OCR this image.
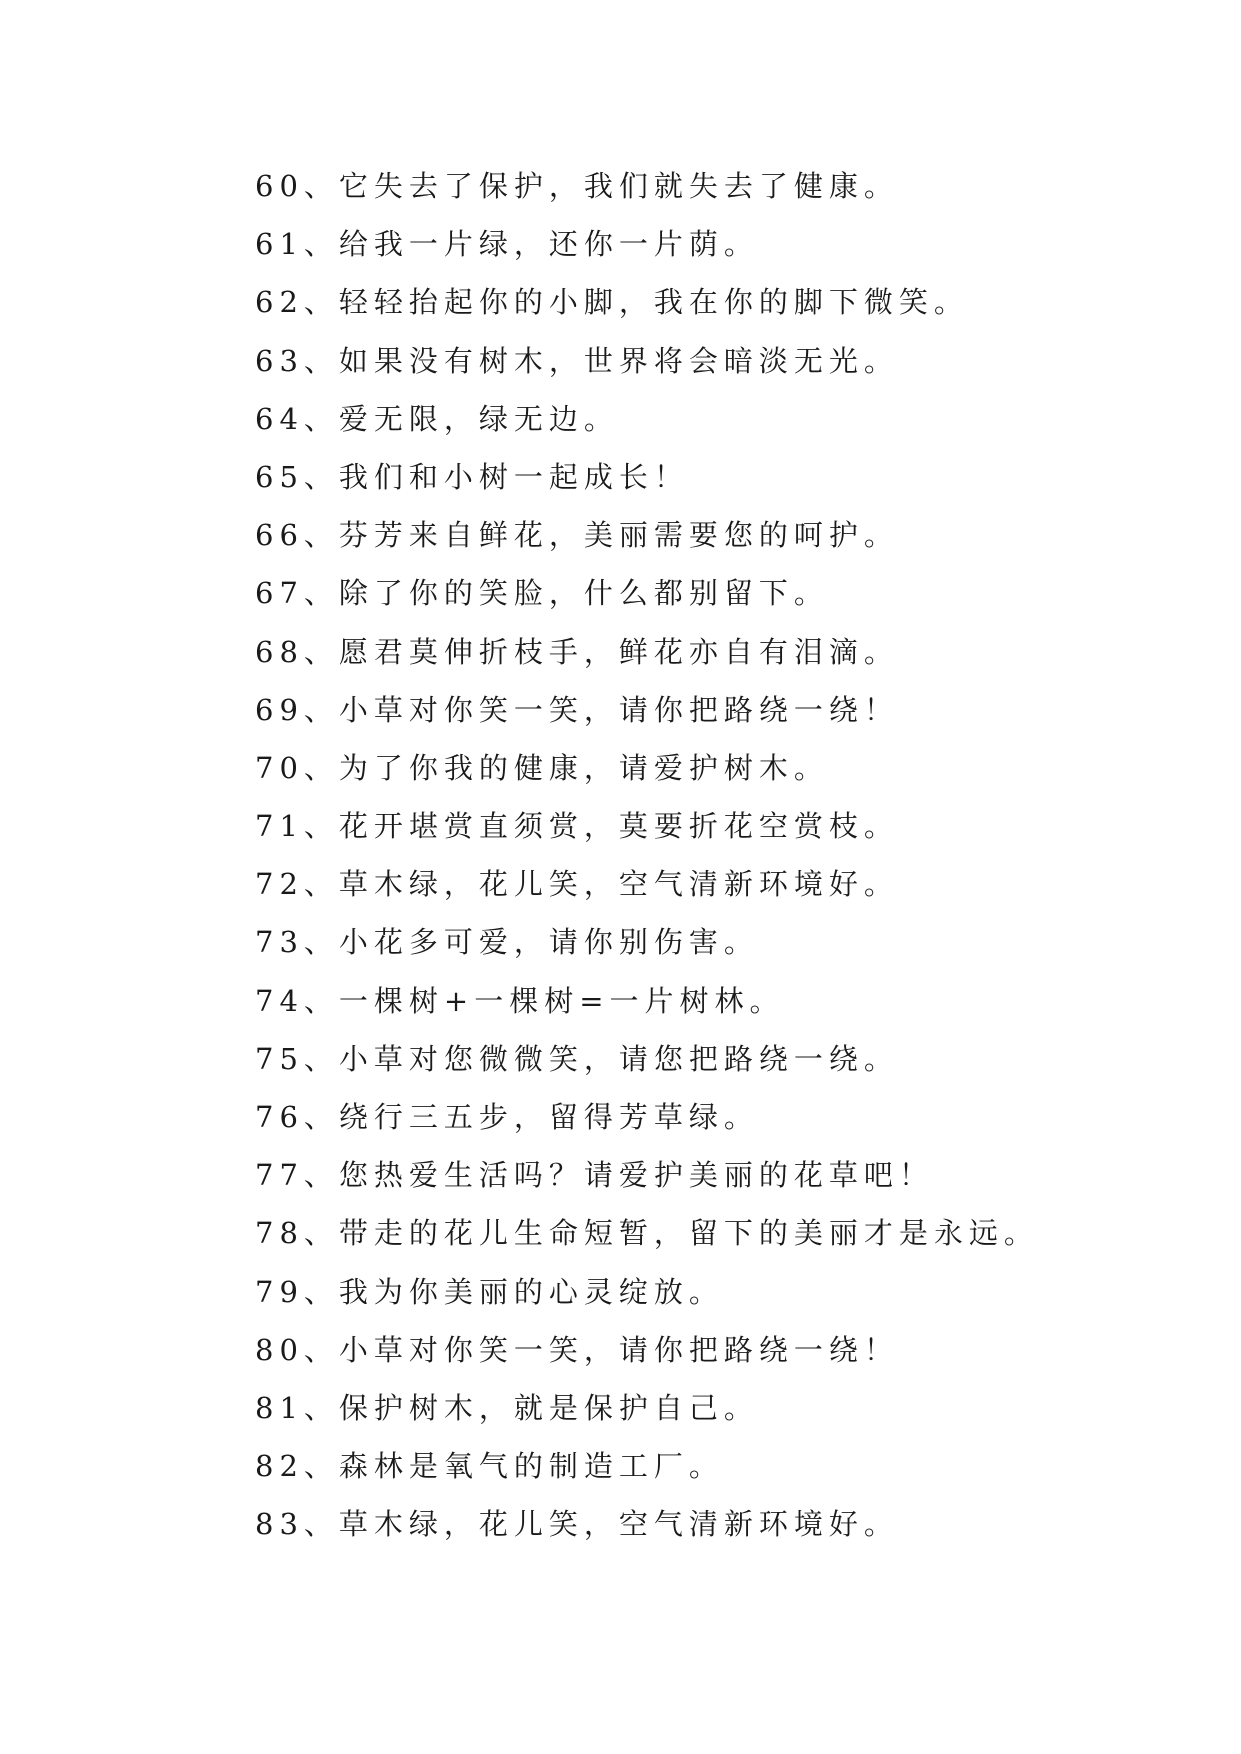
60、它失去了保护，我们就失去了健康。
61、给我一片绿，还你一片荫。
62、轻轻抬起你的小脚，我在你的脚下微笑。
63、如果没有树木，世界将会暗淡无光。
64、爱无限，绿无边。
65、我们和小树一起成长！
66、芬芳来自鲜花，美丽需要您的呵护。
67、除了你的笑脸，什么都别留下。
68、愿君莫伸折枝手，鲜花亦自有泪滴。
69、小草对你笑一笑，请你把路绕一绕！
70、为了你我的健康，请爱护树木。
71、花开堪赏直须赏，莫要折花空赏枝。
72、草木绿，花儿笑，空气清新环境好。
73、小花多可爱，请你别伤害。
74、一棵树+一棵树=一片树林。
75、小草对您微微笑，请您把路绕一绕。
76、绕行三五步，留得芳草绿。
77、您热爱生活吗？请爱护美丽的花草吧！
78、带走的花儿生命短暂，留下的美丽才是永远。
79、我为你美丽的心灵绽放。
80、小草对你笑一笑，请你把路绕一绕！
81、保护树木，就是保护自己。
82、森林是氧气的制造工厂。
83、草木绿，花儿笑，空气清新环境好。
